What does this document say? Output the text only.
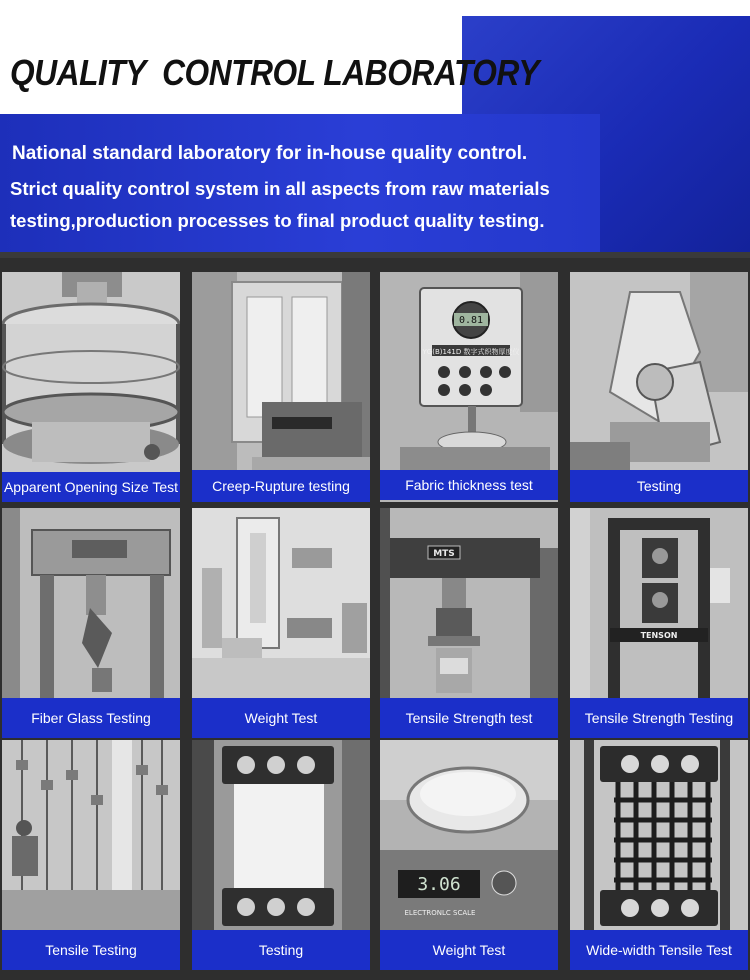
QUALITY  CONTROL LABORATORY
National standard laboratory for in-house quality control.
Strict quality control system in all aspects from raw materials
testing,production processes to final product quality testing.
Apparent Opening Size Test	Creep-Rupture testing
0.81
YG(B)141D 数字式织物厚度仪
Fabric thickness test	Testing
Fiber Glass Testing	Weight Test
MTS
Tensile Strength test
TENSON
Tensile Strength Testing
Tensile Testing	Testing
3.06
ELECTRONLC SCALE
Weight Test	Wide-width Tensile Test
